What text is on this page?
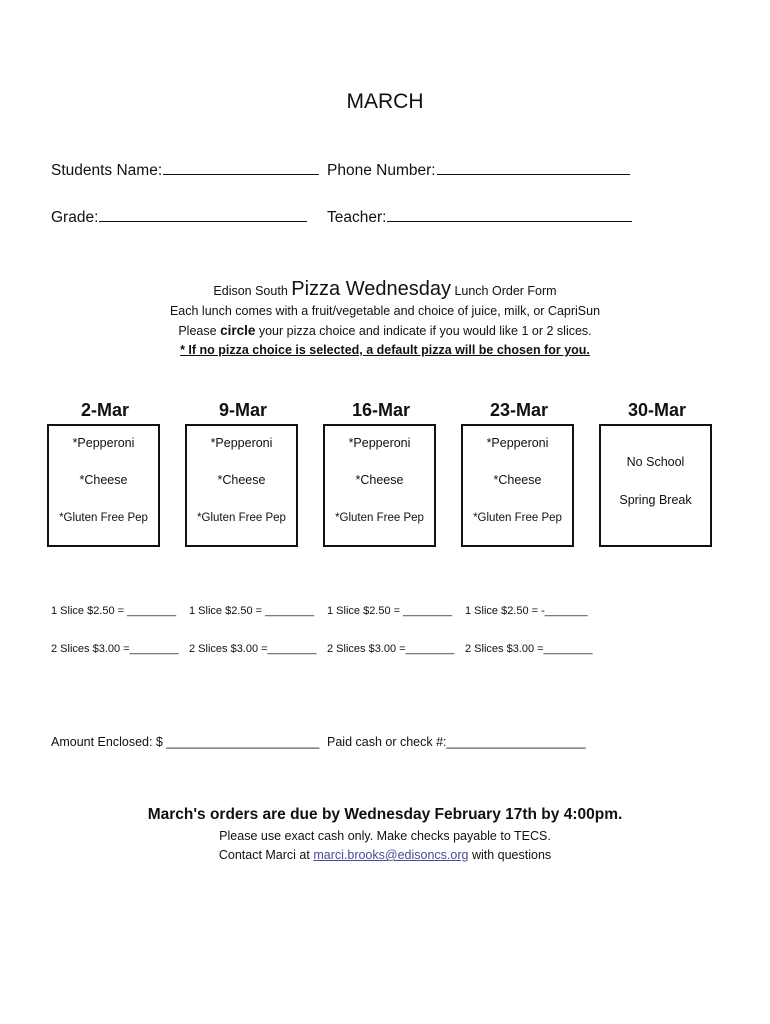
MARCH
Students Name:	Phone Number:
Grade:	Teacher:
Edison South Pizza Wednesday Lunch Order Form
Each lunch comes with a fruit/vegetable and choice of juice, milk, or CapriSun
Please circle your pizza choice and indicate if you would like 1 or 2 slices.
* If no pizza choice is selected, a default pizza will be chosen for you.
2-Mar	9-Mar	16-Mar	23-Mar	30-Mar
*Pepperoni
*Cheese
*Gluten Free Pep
*Pepperoni
*Cheese
*Gluten Free Pep
*Pepperoni
*Cheese
*Gluten Free Pep
*Pepperoni
*Cheese
*Gluten Free Pep
No School
Spring Break
1 Slice $2.50 = ________ 1 Slice $2.50 = ________ 1 Slice $2.50 = ________ 1 Slice $2.50 = -_______
2 Slices $3.00 =________ 2 Slices $3.00 =________ 2 Slices $3.00 =________ 2 Slices $3.00 =________
Amount Enclosed: $ ______________________ Paid cash or check #:____________________
March's orders are due by Wednesday February 17th by 4:00pm.
Please use exact cash only. Make checks payable to TECS.
Contact Marci at marci.brooks@edisoncs.org with questions
